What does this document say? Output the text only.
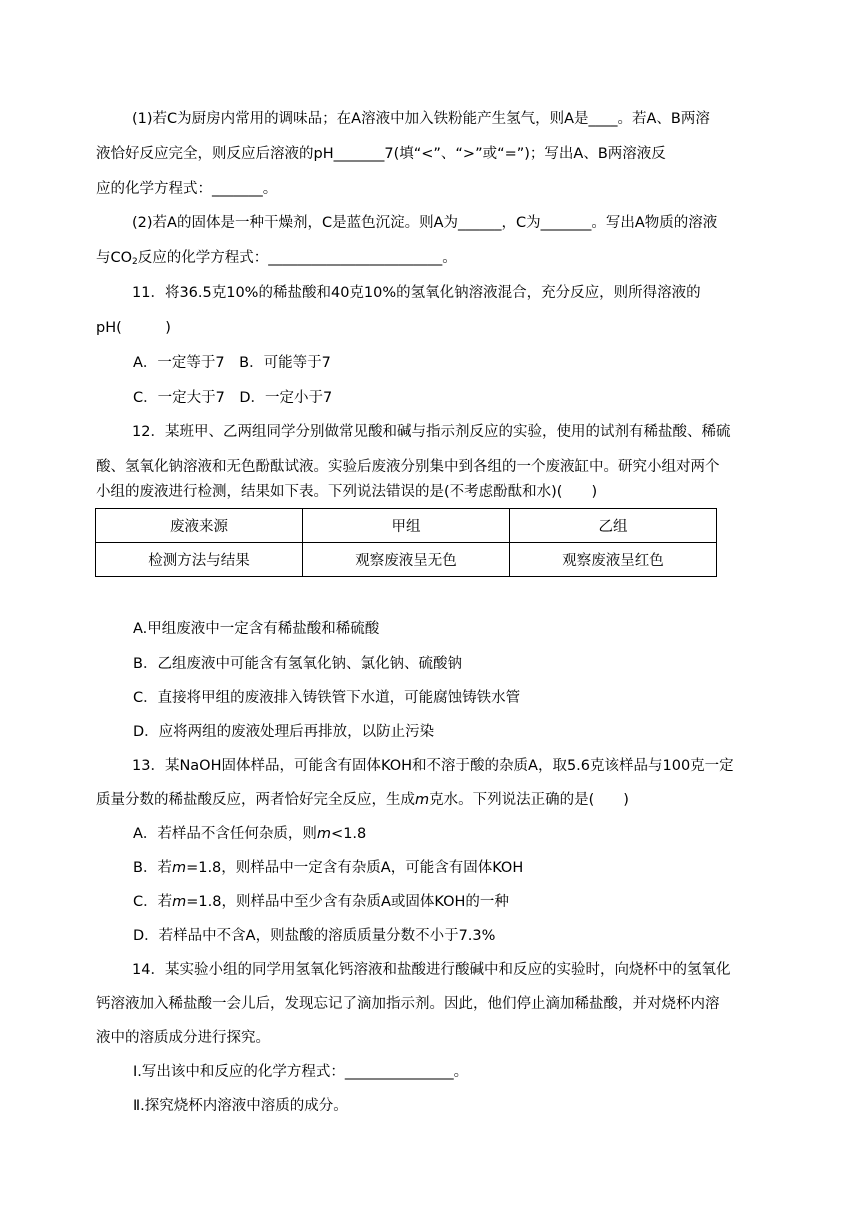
(1)若C为厨房内常用的调味品；在A溶液中加入铁粉能产生氢气，则A是____。若A、B两溶
液恰好反应完全，则反应后溶液的pH_______7(填“<”、“>”或“=”)；写出A、B两溶液反
应的化学方程式：_______。
(2)若A的固体是一种干燥剂，C是蓝色沉淀。则A为______，C为_______。写出A物质的溶液
与$CO_2$反应的化学方程式：________________________。
11．将36.5克10%的稀盐酸和40克10%的氢氧化钠溶液混合，充分反应，则所得溶液的
pH(　　　)
A．一定等于7　B．可能等于7
C．一定大于7　D．一定小于7
12．某班甲、乙两组同学分别做常见酸和碱与指示剂反应的实验，使用的试剂有稀盐酸、稀硫
酸、氢氧化钠溶液和无色酚酞试液。实验后废液分别集中到各组的一个废液缸中。研究小组对两个
小组的废液进行检测，结果如下表。下列说法错误的是(不考虑酚酞和水)(　　)
废液来源	甲组	乙组
检测方法与结果	观察废液呈无色	观察废液呈红色
A.甲组废液中一定含有稀盐酸和稀硫酸
B．乙组废液中可能含有氢氧化钠、氯化钠、硫酸钠
C．直接将甲组的废液排入铸铁管下水道，可能腐蚀铸铁水管
D．应将两组的废液处理后再排放，以防止污染
13．某NaOH固体样品，可能含有固体KOH和不溶于酸的杂质A，取5.6克该样品与100克一定
质量分数的稀盐酸反应，两者恰好完全反应，生成m克水。下列说法正确的是(　　)
A．若样品不含任何杂质，则m<1.8
B．若m=1.8，则样品中一定含有杂质A，可能含有固体KOH
C．若m=1.8，则样品中至少含有杂质A或固体KOH的一种
D．若样品中不含A，则盐酸的溶质质量分数不小于7.3%
14．某实验小组的同学用氢氧化钙溶液和盐酸进行酸碱中和反应的实验时，向烧杯中的氢氧化
钙溶液加入稀盐酸一会儿后，发现忘记了滴加指示剂。因此，他们停止滴加稀盐酸，并对烧杯内溶
液中的溶质成分进行探究。
Ⅰ.写出该中和反应的化学方程式：_______________。
Ⅱ.探究烧杯内溶液中溶质的成分。
